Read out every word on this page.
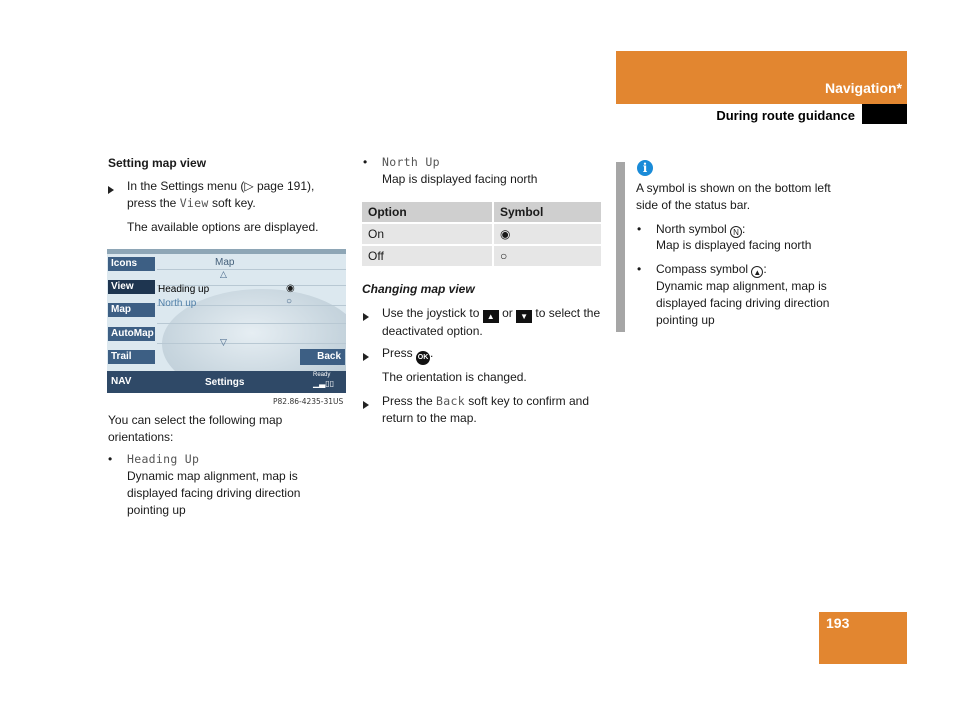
Navigation*
During route guidance
Setting map view
In the Settings menu (▷ page 191), press the View soft key.
The available options are displayed.
Icons
View
Map
AutoMap
Trail
Map
△
Heading up
North up
◉
○
▽
Back
NAV	Settings
Ready
▁▃▯▯
P82.86-4235-31US
You can select the following map orientations:
• Heading Up
Dynamic map alignment, map is displayed facing driving direction pointing up
• North Up
Map is displayed facing north
Option	Symbol
On	◉
Off	○
Changing map view
Use the joystick to ▲ or ▼ to select the deactivated option.
Press OK .
The orientation is changed.
Press the Back soft key to confirm and return to the map.
i
A symbol is shown on the bottom left side of the status bar.
• North symbol N :
Map is displayed facing north
• Compass symbol ▲ :
Dynamic map alignment, map is displayed facing driving direction pointing up
193
